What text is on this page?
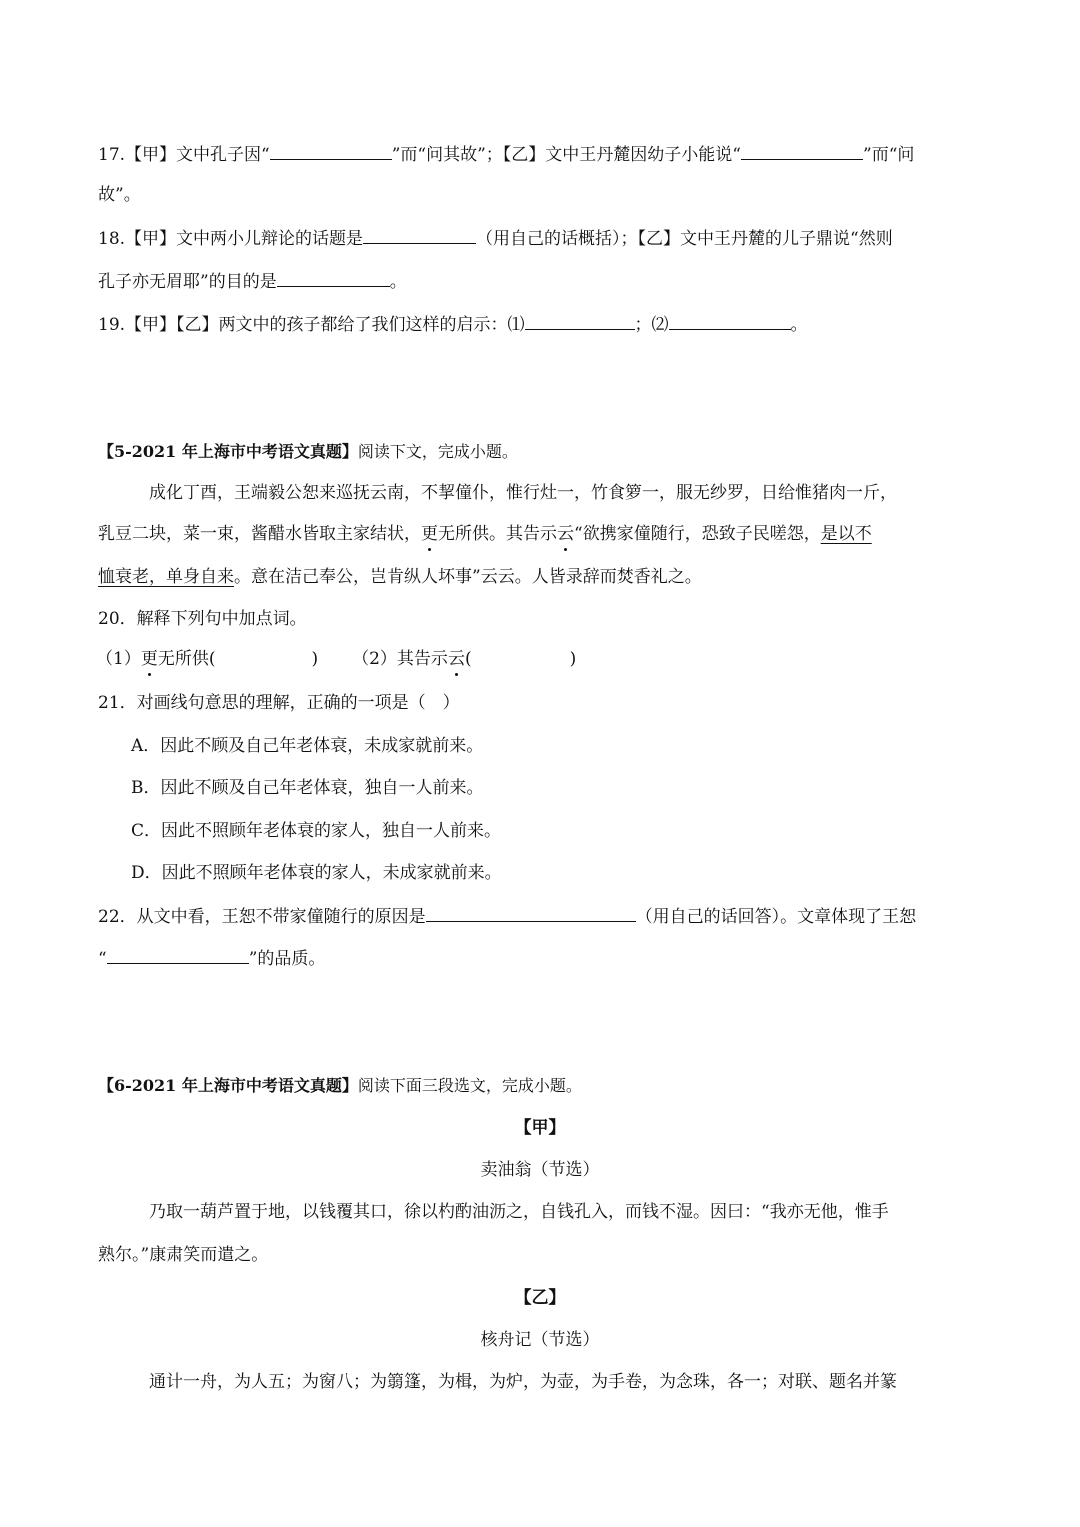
17.【甲】文中孔子因“	”而“问其故”；【乙】文中王丹麓因幼子小能说“	”而“问
故”。
18.【甲】文中两小儿辩论的话题是	（用自己的话概括）；【乙】文中王丹麓的儿子鼎说“然则
孔子亦无眉耶”的目的是	。
19.【甲】【乙】两文中的孩子都给了我们这样的启示：⑴	；⑵	。
【5-2021 年上海市中考语文真题】阅读下文，完成小题。
成化丁酉，王端毅公恕来巡抚云南，不挈僮仆，惟行灶一，竹食箩一，服无纱罗，日给惟猪肉一斤，
乳豆二块，菜一束，酱醋水皆取主家结状，更无所供。其告示云“欲携家僮随行，恐致子民嗟怨，是以不
恤衰老，单身自来。意在洁己奉公，岂肯纵人坏事”云云。人皆录辞而焚香礼之。
20．解释下列句中加点词。
（1）更无所供(	) （2）其告示云(	)
21．对画线句意思的理解，正确的一项是（　）
A．因此不顾及自己年老体衰，未成家就前来。
B．因此不顾及自己年老体衰，独自一人前来。
C．因此不照顾年老体衰的家人，独自一人前来。
D．因此不照顾年老体衰的家人，未成家就前来。
22．从文中看，王恕不带家僮随行的原因是	（用自己的话回答）。文章体现了王恕
“	”的品质。
【6-2021 年上海市中考语文真题】阅读下面三段选文，完成小题。
【甲】
卖油翁（节选）
乃取一葫芦置于地，以钱覆其口，徐以杓酌油沥之，自钱孔入，而钱不湿。因曰：“我亦无他，惟手
熟尔。”康肃笑而遣之。
【乙】
核舟记（节选）
通计一舟，为人五；为窗八；为篛篷，为楫，为炉，为壶，为手卷，为念珠，各一；对联、题名并篆
